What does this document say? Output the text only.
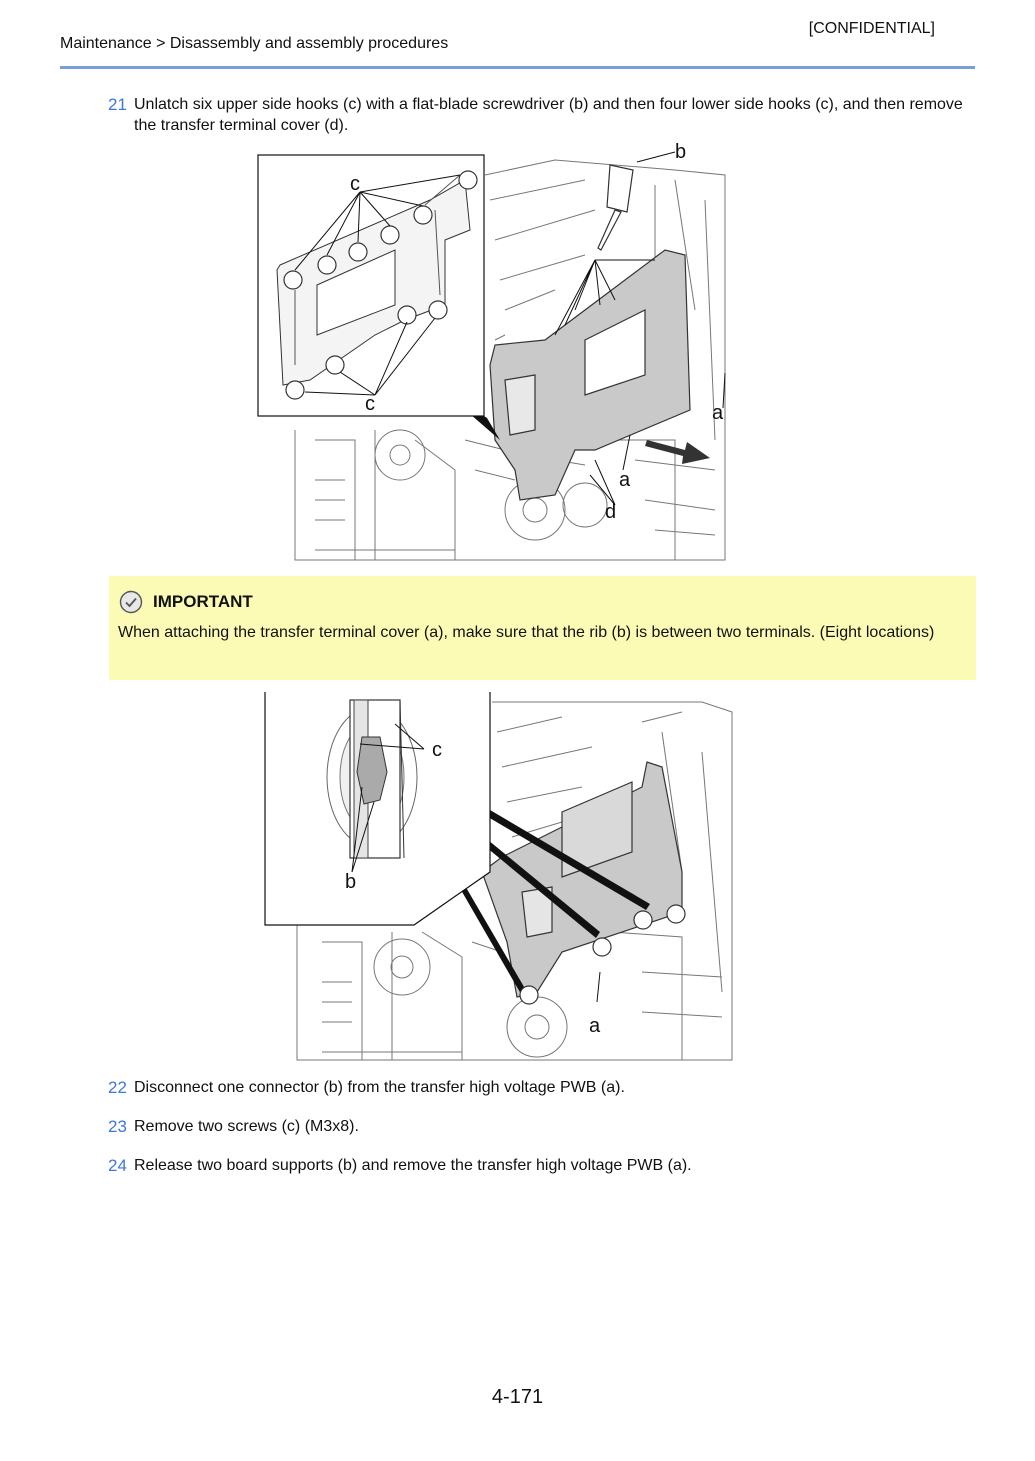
[CONFIDENTIAL]
Maintenance > Disassembly and assembly procedures
21 Unlatch six upper side hooks (c) with a flat-blade screwdriver (b) and then four lower side hooks (c), and then remove the transfer terminal cover (d).
b
c
c	a
a
d
IMPORTANT
When attaching the transfer terminal cover (a), make sure that the rib (b) is between two terminals. (Eight locations)
c
b
a
22 Disconnect one connector (b) from the transfer high voltage PWB (a).
23 Remove two screws (c) (M3x8).
24 Release two board supports (b) and remove the transfer high voltage PWB (a).
4-171
